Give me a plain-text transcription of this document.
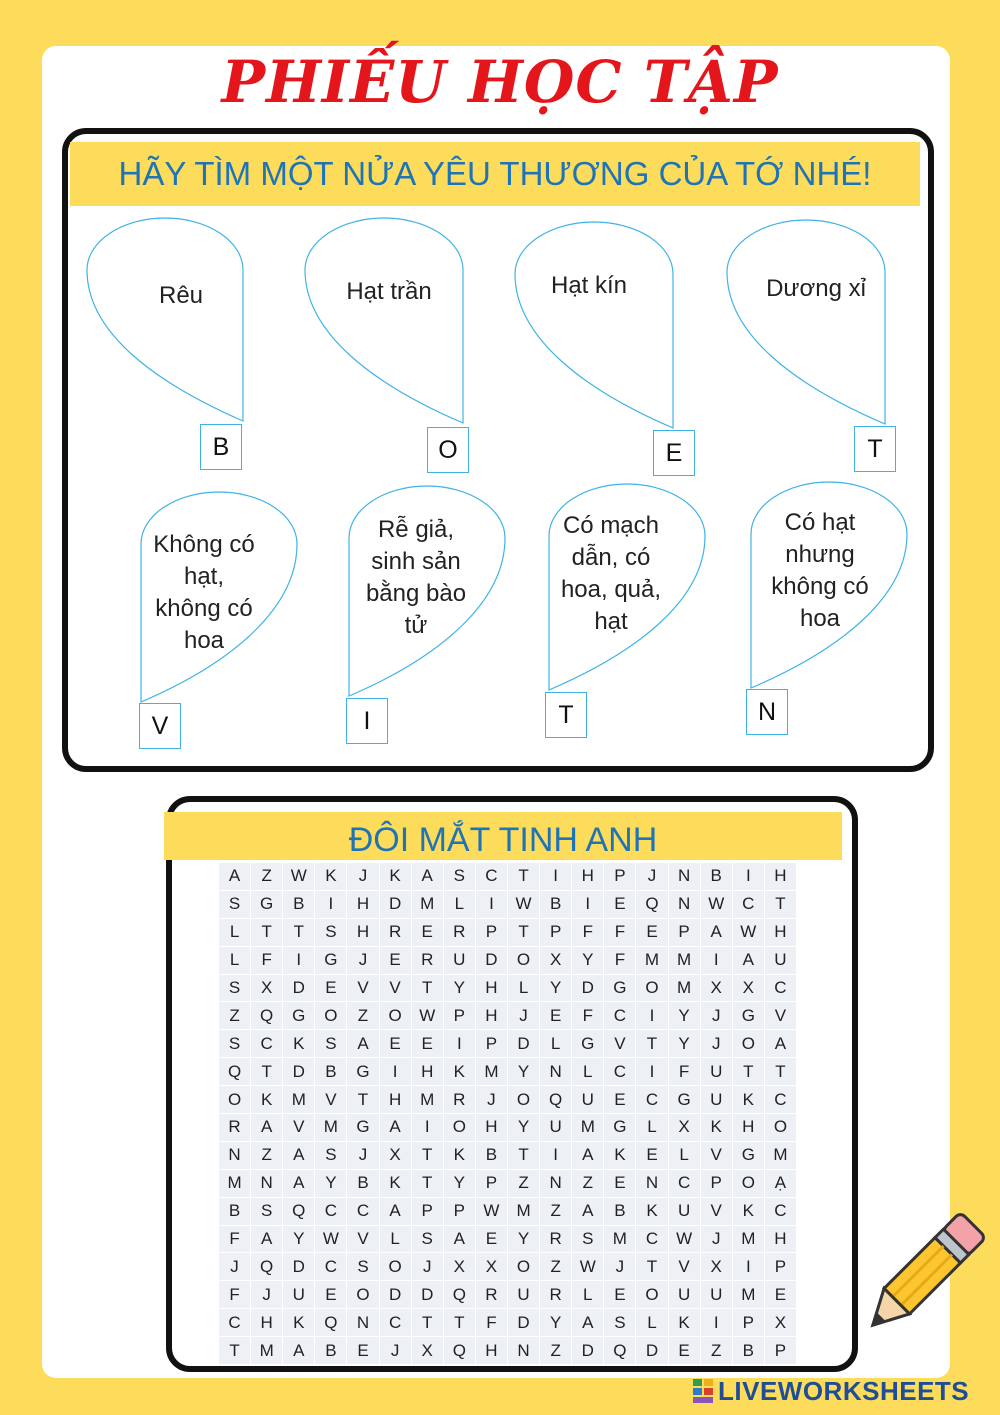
PHIẾU HỌC TẬP
HÃY TÌM MỘT NỬA YÊU THƯƠNG CỦA TỚ NHÉ!
Rêu
B
Hạt trần
O
Hạt kín
E
Dương xỉ
T
Không có
hạt,
không có
hoa
V
Rễ giả,
sinh sản
bằng bào
tử
I
Có mạch
dẫn, có
hoa, quả,
hạt
T
Có hạt
nhưng
không có
hoa
N
ĐÔI MẮT TINH ANH
A	Z	W	K	J	K	A	S	C	T	I	H	P	J	N	B	I	H
S	G	B	I	H	D	M	L	I	W	B	I	E	Q	N	W	C	T
L	T	T	S	H	R	E	R	P	T	P	F	F	E	P	A	W	H
L	F	I	G	J	E	R	U	D	O	X	Y	F	M	M	I	A	U
S	X	D	E	V	V	T	Y	H	L	Y	D	G	O	M	X	X	C
Z	Q	G	O	Z	O	W	P	H	J	E	F	C	I	Y	J	G	V
S	C	K	S	A	E	E	I	P	D	L	G	V	T	Y	J	O	A
Q	T	D	B	G	I	H	K	M	Y	N	L	C	I	F	U	T	T
O	K	M	V	T	H	M	R	J	O	Q	U	E	C	G	U	K	C
R	A	V	M	G	A	I	O	H	Y	U	M	G	L	X	K	H	O
N	Z	A	S	J	X	T	K	B	T	I	A	K	E	L	V	G	M
M	N	A	Y	B	K	T	Y	P	Z	N	Z	E	N	C	P	O	Ạ
B	S	Q	C	C	A	P	P	W	M	Z	A	B	K	U	V	K	C
F	A	Y	W	V	L	S	A	E	Y	R	S	M	C	W	J	M	H
J	Q	D	C	S	O	J	X	X	O	Z	W	J	T	V	X	I	P
F	J	U	E	O	D	D	Q	R	U	R	L	E	O	U	U	M	E
C	H	K	Q	N	C	T	T	F	D	Y	A	S	L	K	I	P	X
T	M	A	B	E	J	X	Q	H	N	Z	D	Q	D	E	Z	B	P
LIVEWORKSHEETS
